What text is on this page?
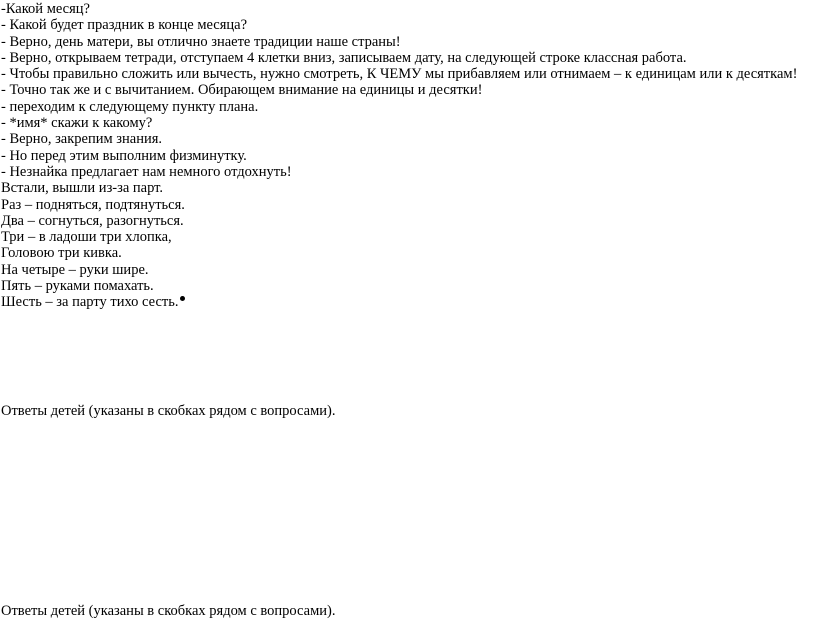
-Какой месяц?
- Какой будет праздник в конце месяца?
- Верно, день матери, вы отлично знаете традиции наше страны!
- Верно, открываем тетради, отступаем 4 клетки вниз, записываем дату, на следующей строке классная работа.
- Чтобы правильно сложить или вычесть, нужно смотреть, К ЧЕМУ мы прибавляем или отнимаем – к единицам или к десяткам!
- Точно так же и с вычитанием. Обирающем внимание на единицы и десятки!
- переходим к следующему пункту плана.
- *имя* скажи к какому?
- Верно, закрепим знания.
- Но перед этим выполним физминутку.
- Незнайка предлагает нам немного отдохнуть!
Встали, вышли из-за парт.
Раз – подняться, подтянуться.
Два – согнуться, разогнуться.
Три – в ладоши три хлопка,
Головою три кивка.
На четыре – руки шире.
Пять – руками помахать.
Шесть – за парту тихо сесть.
Ответы детей (указаны в скобках рядом с вопросами).
Ответы детей (указаны в скобках рядом с вопросами).
